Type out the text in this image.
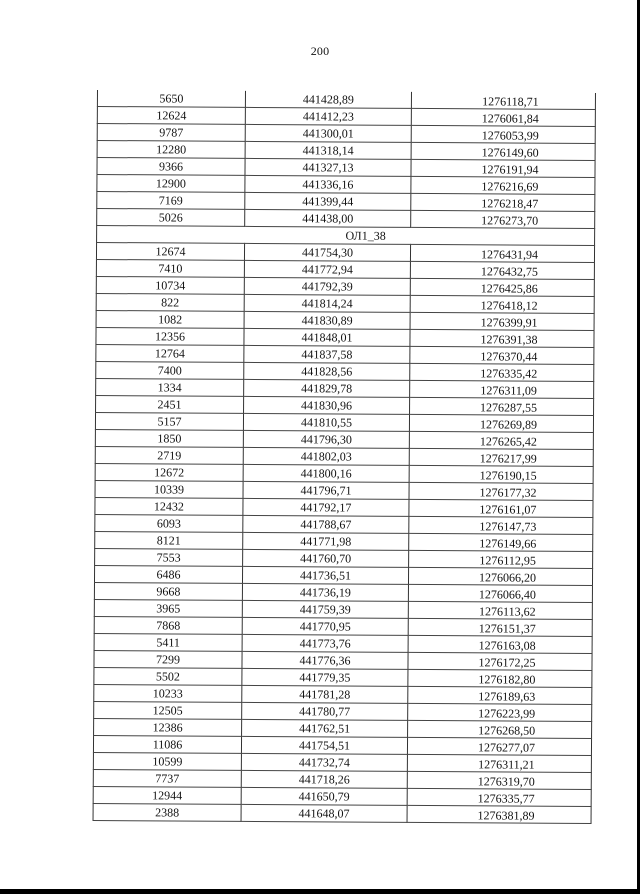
200
5650	441428,89	1276118,71
12624	441412,23	1276061,84
9787	441300,01	1276053,99
12280	441318,14	1276149,60
9366	441327,13	1276191,94
12900	441336,16	1276216,69
7169	441399,44	1276218,47
5026	441438,00	1276273,70
ОЛ1_38		
12674	441754,30	1276431,94
7410	441772,94	1276432,75
10734	441792,39	1276425,86
822	441814,24	1276418,12
1082	441830,89	1276399,91
12356	441848,01	1276391,38
12764	441837,58	1276370,44
7400	441828,56	1276335,42
1334	441829,78	1276311,09
2451	441830,96	1276287,55
5157	441810,55	1276269,89
1850	441796,30	1276265,42
2719	441802,03	1276217,99
12672	441800,16	1276190,15
10339	441796,71	1276177,32
12432	441792,17	1276161,07
6093	441788,67	1276147,73
8121	441771,98	1276149,66
7553	441760,70	1276112,95
6486	441736,51	1276066,20
9668	441736,19	1276066,40
3965	441759,39	1276113,62
7868	441770,95	1276151,37
5411	441773,76	1276163,08
7299	441776,36	1276172,25
5502	441779,35	1276182,80
10233	441781,28	1276189,63
12505	441780,77	1276223,99
12386	441762,51	1276268,50
11086	441754,51	1276277,07
10599	441732,74	1276311,21
7737	441718,26	1276319,70
12944	441650,79	1276335,77
2388	441648,07	1276381,89
